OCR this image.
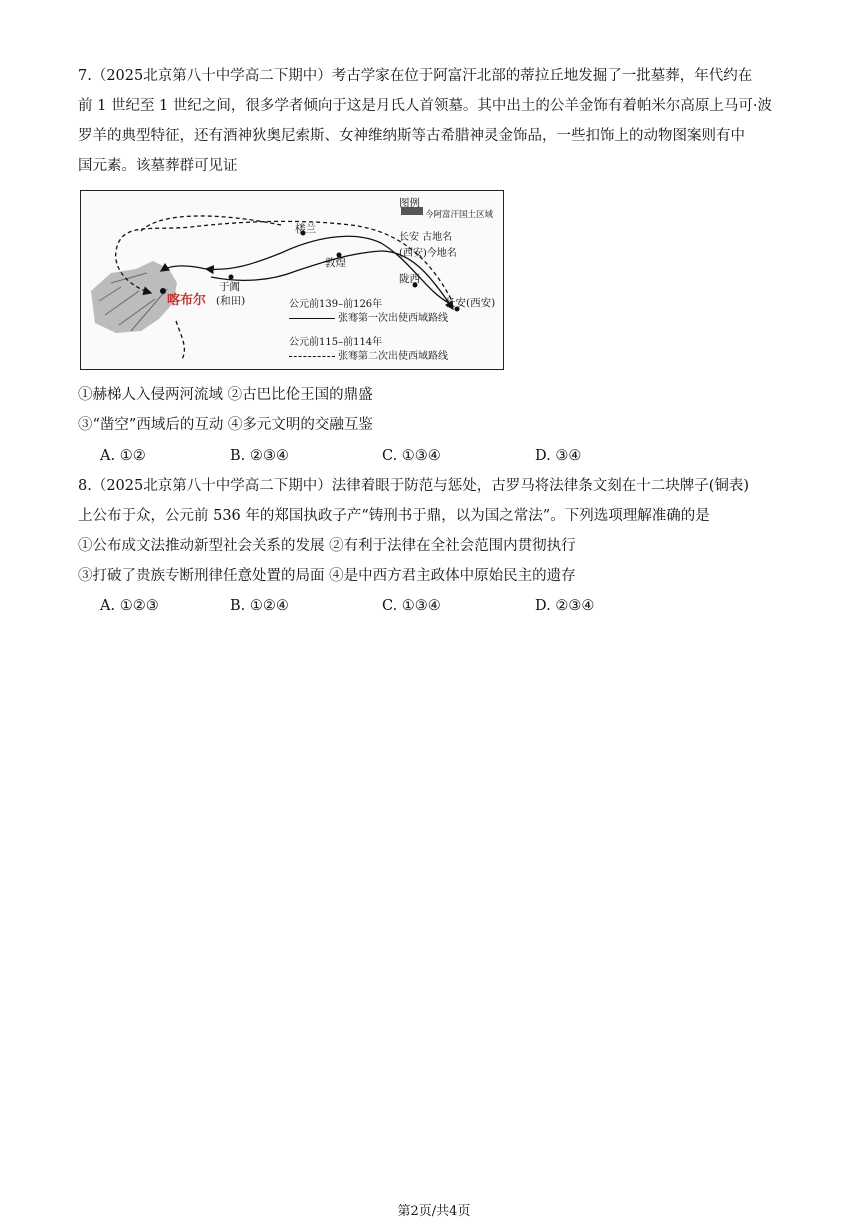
7.（2025北京第八十中学高二下期中）考古学家在位于阿富汗北部的蒂拉丘地发掘了一批墓葬，年代约在
前 1 世纪至 1 世纪之间，很多学者倾向于这是月氏人首领墓。其中出土的公羊金饰有着帕米尔高原上马可·波
罗羊的典型特征，还有酒神狄奥尼索斯、女神维纳斯等古希腊神灵金饰品，一些扣饰上的动物图案则有中
国元素。该墓葬群可见证
楼兰
敦煌
陇西
于阗
(和田)	长安(西安)
喀布尔
图例
今阿富汗国土区域
长安 古地名
(西安)今地名
公元前139–前126年
张骞第一次出使西域路线
公元前115–前114年
张骞第二次出使西域路线
①赫梯人入侵两河流域 ②古巴比伦王国的鼎盛
③“凿空”西域后的互动 ④多元文明的交融互鉴
A. ①②	B. ②③④	C. ①③④	D. ③④
8.（2025北京第八十中学高二下期中）法律着眼于防范与惩处，古罗马将法律条文刻在十二块牌子(铜表)
上公布于众，公元前 536 年的郑国执政子产“铸刑书于鼎，以为国之常法”。下列选项理解准确的是
①公布成文法推动新型社会关系的发展 ②有利于法律在全社会范围内贯彻执行
③打破了贵族专断刑律任意处置的局面 ④是中西方君主政体中原始民主的遗存
A. ①②③	B. ①②④	C. ①③④	D. ②③④
第2页/共4页
